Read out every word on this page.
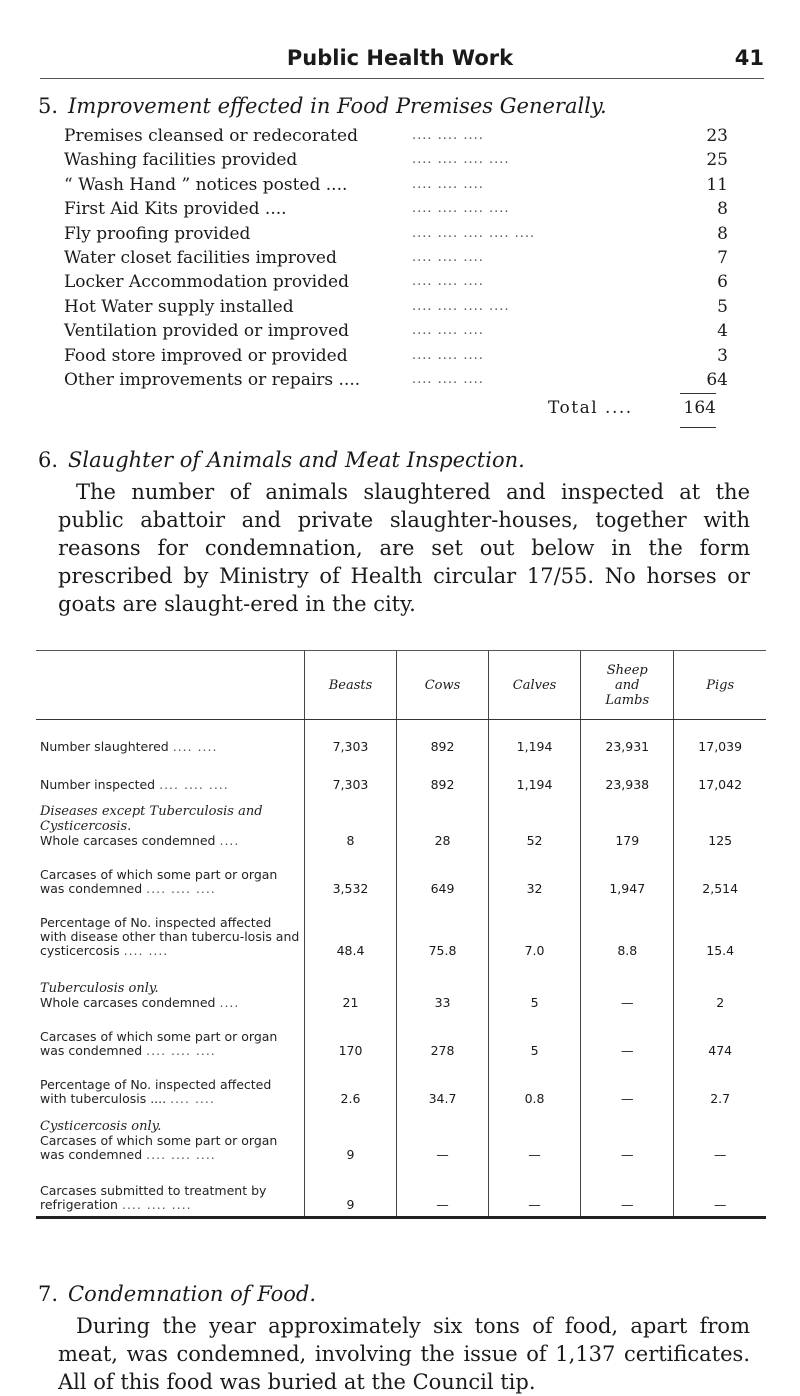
Public Health Work	41
5. Improvement effected in Food Premises Generally.
Premises cleansed or redecorated	.... .... ....	23
Washing facilities provided	.... .... .... ....	25
“ Wash Hand ” notices posted ....	.... .... ....	11
First Aid Kits provided ....	.... .... .... ....	8
Fly proofing provided	.... .... .... .... ....	8
Water closet facilities improved	.... .... ....	7
Locker Accommodation provided	.... .... ....	6
Hot Water supply installed	.... .... .... ....	5
Ventilation provided or improved	.... .... ....	4
Food store improved or provided	.... .... ....	3
Other improvements or repairs ....	.... .... ....	64
Total ....	164
6. Slaughter of Animals and Meat Inspection.
The number of animals slaughtered and inspected at the public abattoir and private slaughter-houses, together with reasons for condemnation, are set out below in the form prescribed by Ministry of Health circular 17/55. No horses or goats are slaught-ered in the city.
	Beasts	Cows	Calves	Sheep and Lambs	Pigs
Number slaughtered .... ....	7,303	892	1,194	23,931	17,039
Number inspected .... .... ....	7,303	892	1,194	23,938	17,042
Diseases except Tuberculosis and Cysticercosis.
Whole carcases condemned ....	8	28	52	179	125
Carcases of which some part or organ was condemned .... .... ....	3,532	649	32	1,947	2,514
Percentage of No. inspected affected with disease other than tubercu-losis and cysticercosis .... ....	48.4	75.8	7.0	8.8	15.4
Tuberculosis only.
Whole carcases condemned ....	21	33	5	—	2
Carcases of which some part or organ was condemned .... .... ....	170	278	5	—	474
Percentage of No. inspected affected with tuberculosis .... .... ....	2.6	34.7	0.8	—	2.7
Cysticercosis only.
Carcases of which some part or organ was condemned .... .... ....	9	—	—	—	—
Carcases submitted to treatment by refrigeration .... .... ....	9	—	—	—	—
7. Condemnation of Food.
During the year approximately six tons of food, apart from meat, was condemned, involving the issue of 1,137 certificates. All of this food was buried at the Council tip.
